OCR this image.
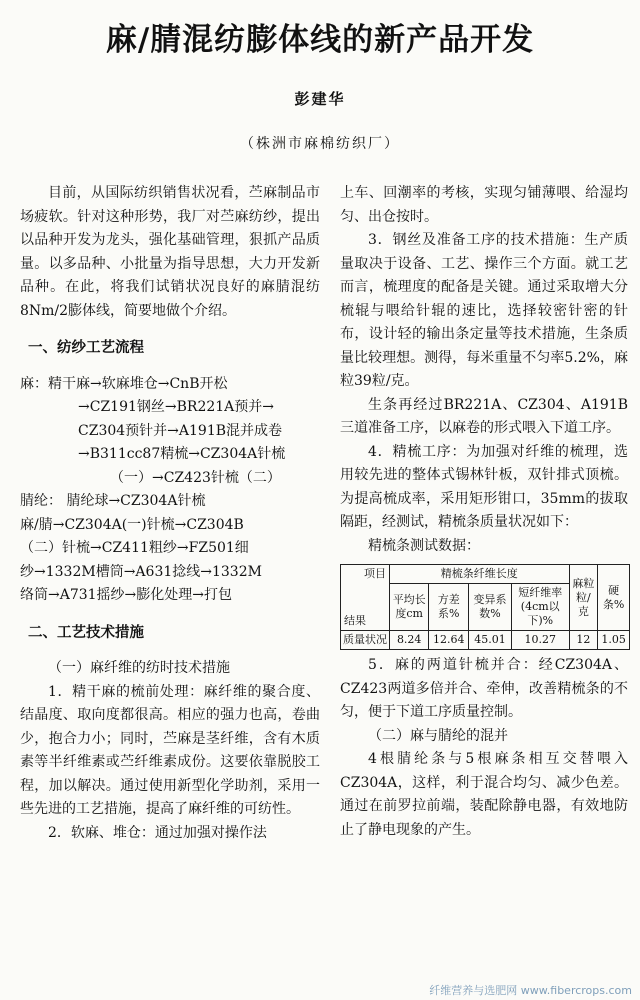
麻/腈混纺膨体线的新产品开发
彭建华
（株洲市麻棉纺织厂）

目前，从国际纺织销售状况看，苎麻制品市场疲软。针对这种形势，我厂对苎麻纺纱，提出以品种开发为龙头，强化基础管理，狠抓产品质量。以多品种、小批量为指导思想，大力开发新品种。在此，将我们试销状况良好的麻腈混纺8Nm/2膨体线，简要地做个介绍。

一、纺纱工艺流程

麻：精干麻→软麻堆仓→CnB开松
→CZ191钢丝→BR221A预并→
CZ304预针并→A191B混并成卷
→B311cc87精梳→CZ304A针梳
（一）→CZ423针梳（二）
腈纶： 腈纶球→CZ304A针梳
麻/腈→CZ304A(一)针梳→CZ304B
（二）针梳→CZ411粗纱→FZ501细
纱→1332M槽筒→A631捻线→1332M
络筒→A731摇纱→膨化处理→打包

二、工艺技术措施

（一）麻纤维的纺时技术措施

1．精干麻的梳前处理：麻纤维的聚合度、结晶度、取向度都很高。相应的强力也高，卷曲少，抱合力小；同时，苎麻是茎纤维，含有木质素等半纤维素或苎纤维素成份。这要依靠脱胶工程，加以解决。通过使用新型化学助剂，采用一些先进的工艺措施，提高了麻纤维的可纺性。

2．软麻、堆仓：通过加强对操作法

上车、回潮率的考核，实现匀铺薄喂、给湿均匀、出仓按时。

3．钢丝及准备工序的技术措施：生产质量取决于设备、工艺、操作三个方面。就工艺而言，梳理度的配备是关键。通过采取增大分梳辊与喂给针辊的速比，选择较密针密的针布，设计轻的输出条定量等技术措施，生条质量比较理想。测得，每米重量不匀率5.2%，麻粒39粒/克。

生条再经过BR221A、CZ304、A191B三道准备工序，以麻卷的形式喂入下道工序。

4．精梳工序：为加强对纤维的梳理，选用较先进的整体式锡林针板，双针排式顶梳。为提高梳成率，采用矩形钳口，35mm的拔取隔距，经测试，精梳条质量状况如下：

精梳条测试数据：

项目
结果	精梳条纤维长度				麻粒粒/克	硬条%
	平均长度cm	方差系%	变异系数%	短纤维率(4cm以下)%		
质量状况	8.24	12.64	45.01	10.27	12	1.05

5．麻的两道针梳并合：经CZ304A、CZ423两道多倍并合、牵伸，改善精梳条的不匀，便于下道工序质量控制。

（二）麻与腈纶的混并

4根腈纶条与5根麻条相互交替喂入CZ304A，这样，利于混合均匀、减少色差。通过在前罗拉前端，装配除静电器，有效地防止了静电现象的产生。

纤维营养与选肥网 www.fibercrops.com
